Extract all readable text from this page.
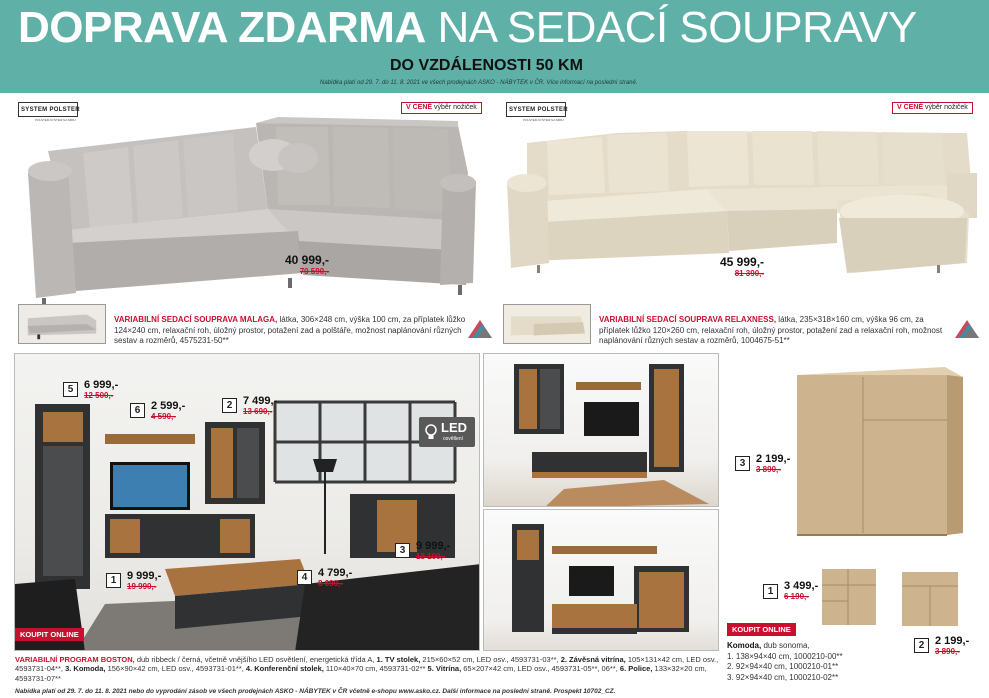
DOPRAVA ZDARMA NA SEDACÍ SOUPRAVY
DO VZDÁLENOSTI 50 KM
Nabídka platí od 29. 7. do 11. 8. 2021 ve všech prodejnách ASKO - NÁBYTEK v ČR. Více informací na poslední straně.
SYSTEM POLSTER
POLSTER-SYSTEM NA MÍRU
SYSTEM POLSTER
POLSTER-SYSTEM NA MÍRU
V CENĚ výběr nožiček	V CENĚ výběr nožiček
40 999,-
70 590,-
45 999,-
81 390,-
VARIABILNÍ SEDACÍ SOUPRAVA MALAGA, látka, 306×248 cm, výška 100 cm, za příplatek lůžko 124×240 cm, relaxační roh, úložný prostor, potažení zad a polštáře, možnost naplánování různých sestav a rozměrů, 4575231-50**
VARIABILNÍ SEDACÍ SOUPRAVA RELAXNESS, látka, 235×318×160 cm, výška 96 cm, za příplatek lůžko 120×260 cm, relaxační roh, úložný prostor, potažení zad a relaxační roh, možnost naplánování různých sestav a rozměrů, 1004675-51**
5 6 999,-
12 500,-
6 2 599,-
4 590,-
2 7 499,-
13 690,-
LED
osvětlení
3 9 999,-
18 100,-
1 9 999,-
19 990,-
4 4 799,-
8 690,-
KOUPIT ONLINE
3 2 199,-
3 890,-
1 3 499,-
6 190,-
2 2 199,-
3 890,-
KOUPIT ONLINE
Komoda, dub sonoma,
1. 138×94×40 cm, 1000210-00**
2. 92×94×40 cm, 1000210-01**
3. 92×94×40 cm, 1000210-02**
VARIABILNÍ PROGRAM BOSTON, dub ribbeck / černá, včetně vnějšího LED osvětlení, energetická třída A, 1. TV stolek, 215×60×52 cm, LED osv., 4593731-03**, 2. Závěsná vitrína, 105×131×42 cm, LED osv., 4593731-04**, 3. Komoda, 156×90×42 cm, LED osv., 4593731-01**, 4. Konferenční stolek, 110×40×70 cm, 4593731-02** 5. Vitrína, 65×207×42 cm, LED osv., 4593731-05**, 06**, 6. Police, 133×32×20 cm, 4593731-07**
Nabídka platí od 29. 7. do 11. 8. 2021 nebo do vyprodání zásob ve všech prodejnách ASKO - NÁBYTEK v ČR včetně e-shopu www.asko.cz. Další informace na poslední straně. Prospekt 10702_CZ.
